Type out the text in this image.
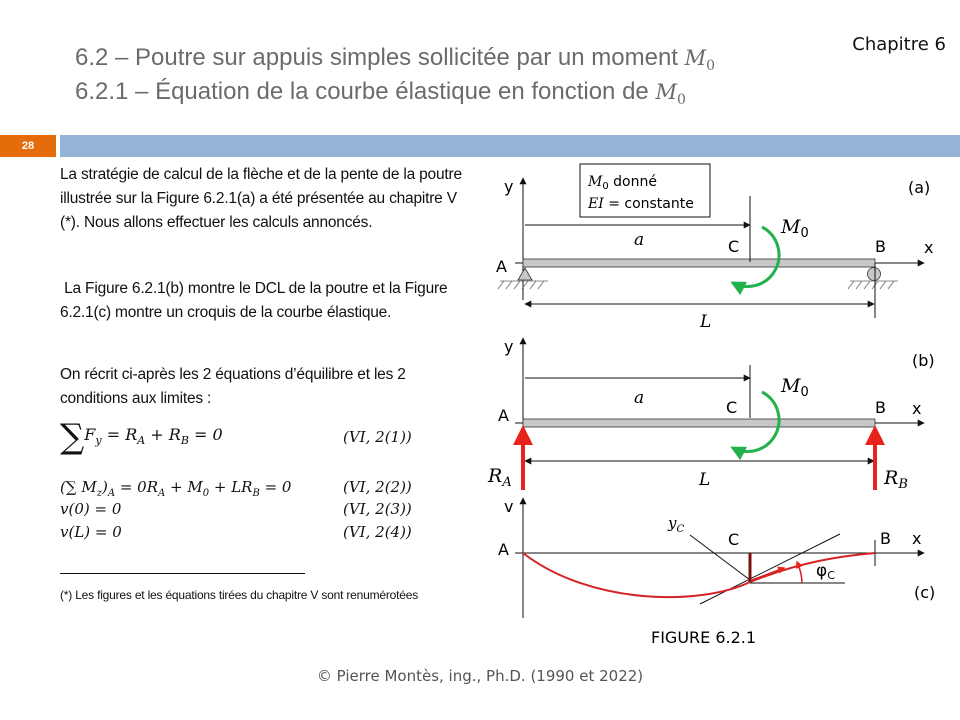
6.2 – Poutre sur appuis simples sollicitée par un moment $M_0$
6.2.1 – Équation de la courbe élastique en fonction de $M_0$
Chapitre 6
28
La stratégie de calcul de la flèche et de la pente de la poutre illustrée sur la Figure 6.2.1(a) a été présentée au chapitre V (*). Nous allons effectuer les calculs annoncés.
La Figure 6.2.1(b) montre le DCL de la poutre et la Figure 6.2.1(c) montre un croquis de la courbe élastique.
On récrit ci-après les 2 équations d’équilibre et les 2 conditions aux limites :
$\sum F_y = R_A + R_B = 0$	(VI, 2(1))
(∑ $M_z)_A = 0R_A + M_0 + LR_B = 0$	(VI, 2(2))
v(0) = 0	(VI, 2(3))
v(L) = 0	(VI, 2(4))
(*) Les figures et les équations tirées du chapitre V sont renumérotées
© Pierre Montès, ing., Ph.D. (1990 et 2022)
$M_0$ donné
EI = constante
y
A
B x
C
a
L
$M_0$
(a)
y
A	B x
C
a
L
$M_0$
$R_A$	$R_B$
(b)
v
A
B x
C
$y_C$
φC
(c)
FIGURE 6.2.1
